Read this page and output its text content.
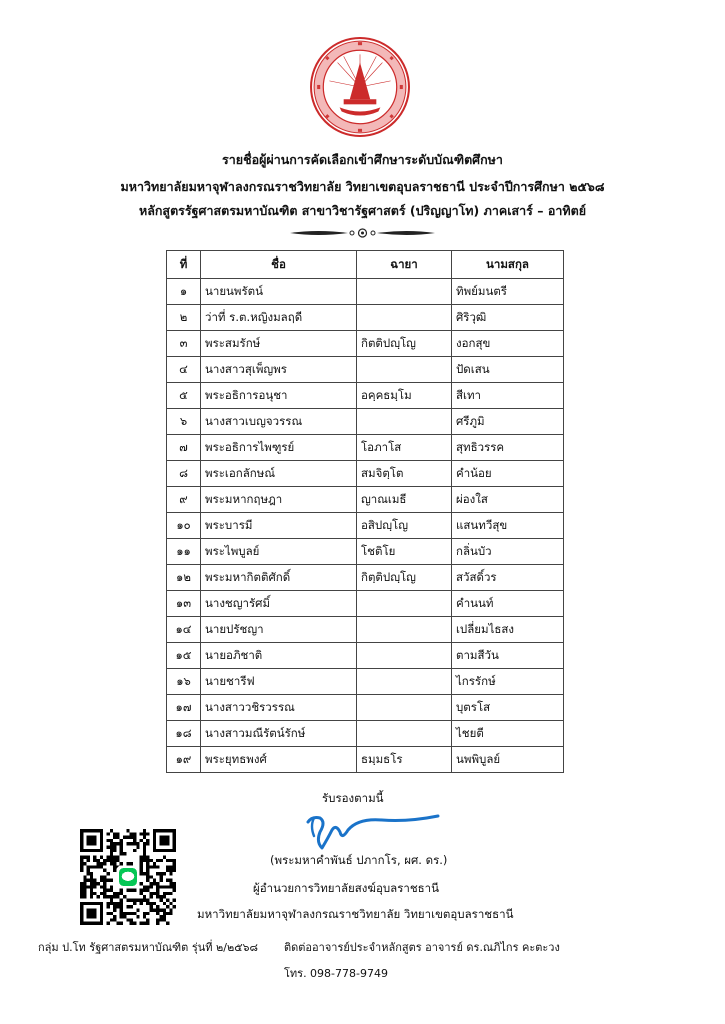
รายชื่อผู้ผ่านการคัดเลือกเข้าศึกษาระดับบัณฑิตศึกษา
มหาวิทยาลัยมหาจุฬาลงกรณราชวิทยาลัย วิทยาเขตอุบลราชธานี ประจำปีการศึกษา ๒๕๖๘
หลักสูตรรัฐศาสตรมหาบัณฑิต สาขาวิชารัฐศาสตร์ (ปริญญาโท) ภาคเสาร์ – อาทิตย์
ที่	ชื่อ	ฉายา	นามสกุล
๑	นายนพรัตน์		ทิพย์มนตรี
๒	ว่าที่ ร.ต.หญิงมลฤดี		ศิริวุฒิ
๓	พระสมรักษ์	กิตติปญฺโญ	งอกสุข
๔	นางสาวสุเพ็ญพร		ปัดเสน
๕	พระอธิการอนุชา	อคฺคธมฺโม	สีเทา
๖	นางสาวเบญจวรรณ		ศรีภูมิ
๗	พระอธิการไพฑูรย์	โอภาโส	สุทธิวรรค
๘	พระเอกลักษณ์	สมจิตฺโต	คำน้อย
๙	พระมหากฤษฎา	ญาณเมธี	ผ่องใส
๑๐	พระบารมี	อสิปญฺโญ	แสนทวีสุข
๑๑	พระไพบูลย์	โชติโย	กลิ่นบัว
๑๒	พระมหากิตติศักดิ์	กิตฺติปญฺโญ	สวัสดิ์วร
๑๓	นางชญารัศมิ์		คำนนท์
๑๔	นายปรัชญา		เปลี่ยมไธสง
๑๕	นายอภิชาติ		ตามสีวัน
๑๖	นายชารีฟ		ไกรรักษ์
๑๗	นางสาววชิรวรรณ		บุตรโส
๑๘	นางสาวมณีรัตน์รักษ์		ไชยตี
๑๙	พระยุทธพงศ์	ธมฺมธโร	นพพิบูลย์
รับรองตามนี้
(พระมหาคำพันธ์ ปภากโร, ผศ. ดร.)
ผู้อำนวยการวิทยาลัยสงฆ์อุบลราชธานี
มหาวิทยาลัยมหาจุฬาลงกรณราชวิทยาลัย วิทยาเขตอุบลราชธานี
กลุ่ม ป.โท รัฐศาสตรมหาบัณฑิต รุ่นที่ ๒/๒๕๖๘ ติดต่ออาจารย์ประจำหลักสูตร อาจารย์ ดร.ณภิไกร คะตะวง
โทร. 098-778-9749
